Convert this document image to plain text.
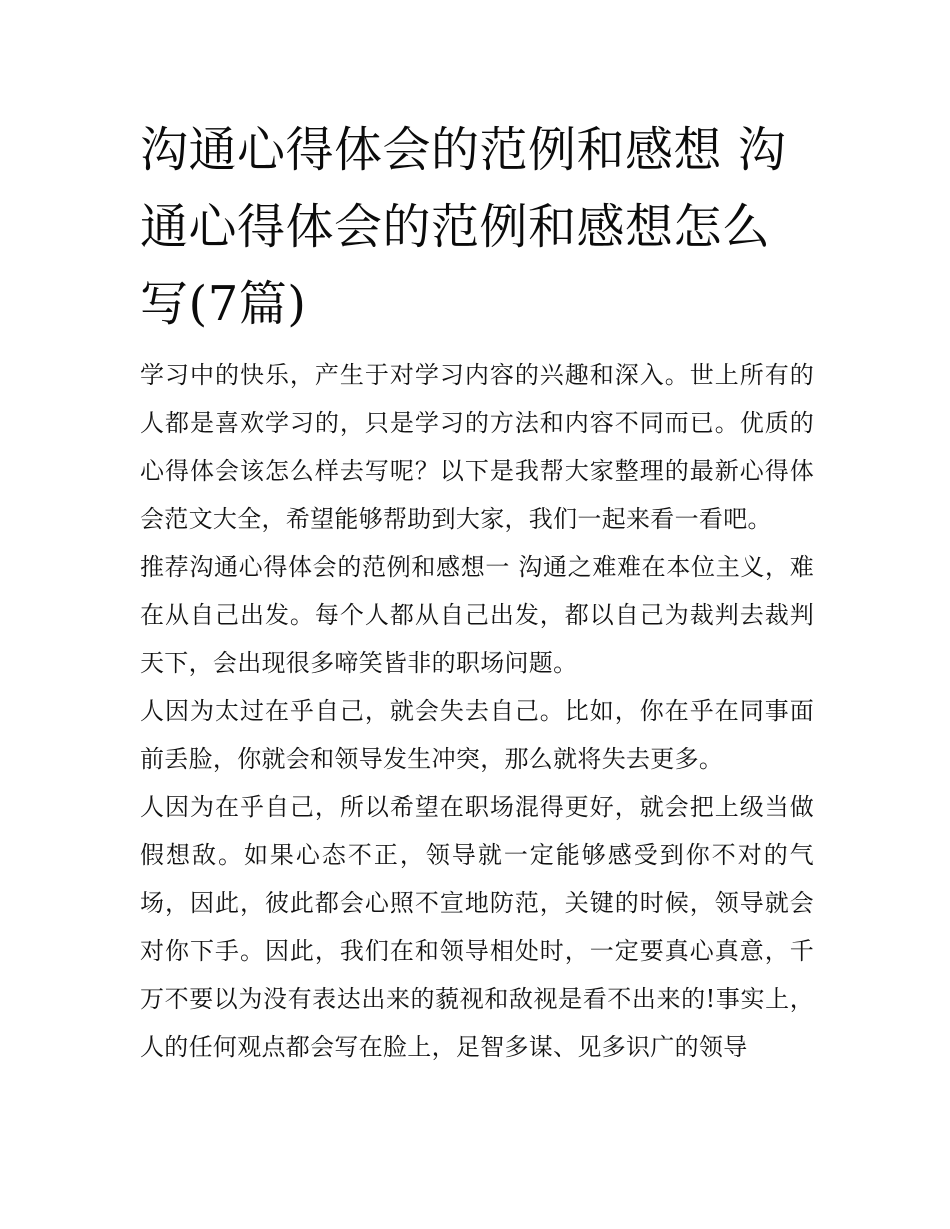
沟通心得体会的范例和感想 沟通心得体会的范例和感想怎么写(7篇)

学习中的快乐，产生于对学习内容的兴趣和深入。世上所有的人都是喜欢学习的，只是学习的方法和内容不同而已。优质的心得体会该怎么样去写呢？以下是我帮大家整理的最新心得体会范文大全，希望能够帮助到大家，我们一起来看一看吧。

推荐沟通心得体会的范例和感想一 沟通之难难在本位主义，难在从自己出发。每个人都从自己出发，都以自己为裁判去裁判天下，会出现很多啼笑皆非的职场问题。

人因为太过在乎自己，就会失去自己。比如，你在乎在同事面前丢脸，你就会和领导发生冲突，那么就将失去更多。

人因为在乎自己，所以希望在职场混得更好，就会把上级当做假想敌。如果心态不正，领导就一定能够感受到你不对的气场，因此，彼此都会心照不宣地防范，关键的时候，领导就会对你下手。因此，我们在和领导相处时，一定要真心真意，千万不要以为没有表达出来的藐视和敌视是看不出来的!事实上，人的任何观点都会写在脸上，足智多谋、见多识广的领导
